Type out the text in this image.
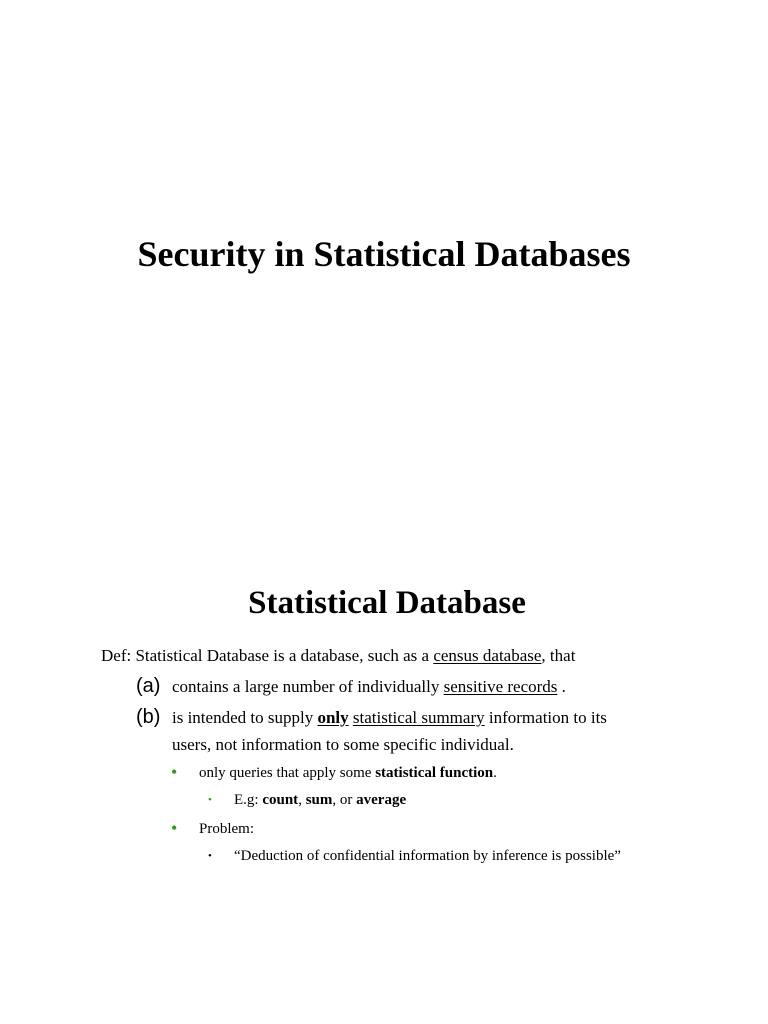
Security in Statistical Databases
Statistical Database
Def: Statistical Database is a database, such as a census database, that
(a) contains a large number of individually sensitive records .
(b) is intended to supply only statistical summary information to its
users, not information to some specific individual.
• only queries that apply some statistical function.
• E.g: count, sum, or average
• Problem:
• “Deduction of confidential information by inference is possible”
